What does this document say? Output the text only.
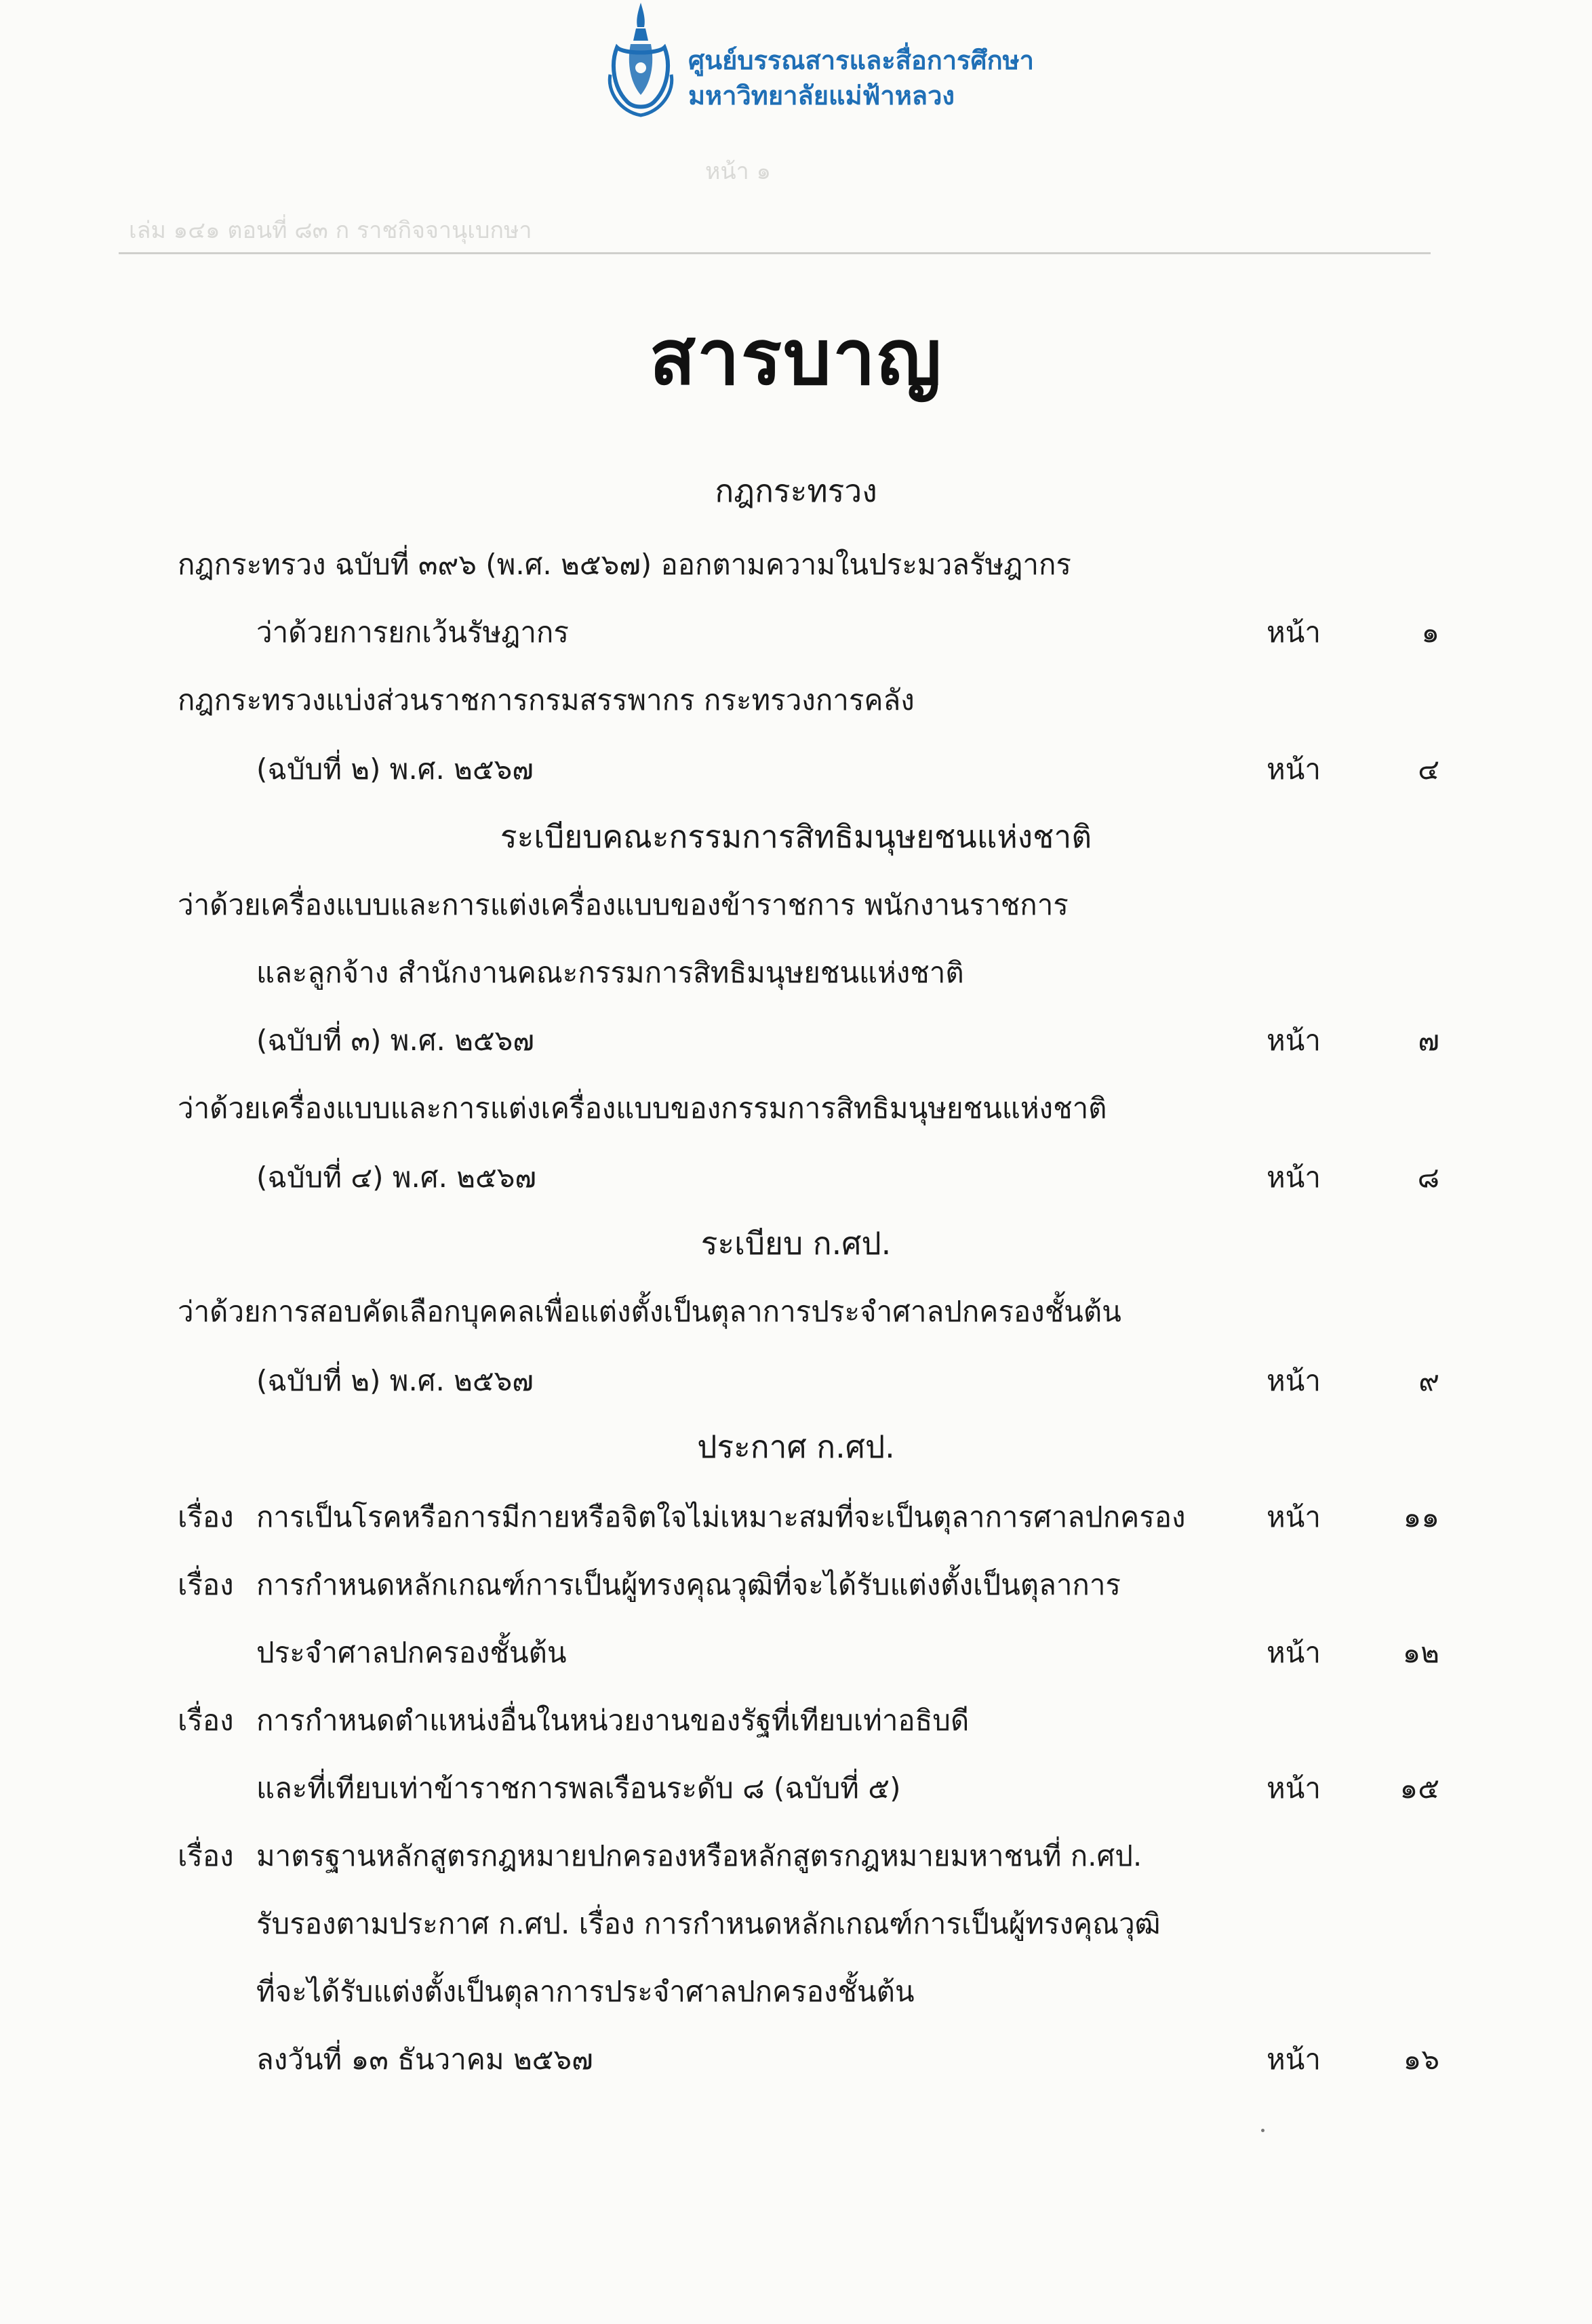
หน้า ๑
เล่ม ๑๔๑ ตอนที่ ๘๓ ก ราชกิจจานุเบกษา
ศูนย์บรรณสารและสื่อการศึกษา
มหาวิทยาลัยแม่ฟ้าหลวง
สารบาญ
กฎกระทรวง
กฎกระทรวง ฉบับที่ ๓๙๖ (พ.ศ. ๒๕๖๗) ออกตามความในประมวลรัษฎากร
ว่าด้วยการยกเว้นรัษฎากร	หน้า	๑
กฎกระทรวงแบ่งส่วนราชการกรมสรรพากร กระทรวงการคลัง
(ฉบับที่ ๒) พ.ศ. ๒๕๖๗	หน้า	๔
ระเบียบคณะกรรมการสิทธิมนุษยชนแห่งชาติ
ว่าด้วยเครื่องแบบและการแต่งเครื่องแบบของข้าราชการ พนักงานราชการ
และลูกจ้าง สำนักงานคณะกรรมการสิทธิมนุษยชนแห่งชาติ
(ฉบับที่ ๓) พ.ศ. ๒๕๖๗	หน้า	๗
ว่าด้วยเครื่องแบบและการแต่งเครื่องแบบของกรรมการสิทธิมนุษยชนแห่งชาติ
(ฉบับที่ ๔) พ.ศ. ๒๕๖๗	หน้า	๘
ระเบียบ ก.ศป.
ว่าด้วยการสอบคัดเลือกบุคคลเพื่อแต่งตั้งเป็นตุลาการประจำศาลปกครองชั้นต้น
(ฉบับที่ ๒) พ.ศ. ๒๕๖๗	หน้า	๙
ประกาศ ก.ศป.
เรื่อง การเป็นโรคหรือการมีกายหรือจิตใจไม่เหมาะสมที่จะเป็นตุลาการศาลปกครอง	หน้า	๑๑
เรื่อง การกำหนดหลักเกณฑ์การเป็นผู้ทรงคุณวุฒิที่จะได้รับแต่งตั้งเป็นตุลาการ
ประจำศาลปกครองชั้นต้น	หน้า	๑๒
เรื่อง การกำหนดตำแหน่งอื่นในหน่วยงานของรัฐที่เทียบเท่าอธิบดี
และที่เทียบเท่าข้าราชการพลเรือนระดับ ๘ (ฉบับที่ ๕)	หน้า	๑๕
เรื่อง มาตรฐานหลักสูตรกฎหมายปกครองหรือหลักสูตรกฎหมายมหาชนที่ ก.ศป.
รับรองตามประกาศ ก.ศป. เรื่อง การกำหนดหลักเกณฑ์การเป็นผู้ทรงคุณวุฒิ
ที่จะได้รับแต่งตั้งเป็นตุลาการประจำศาลปกครองชั้นต้น
ลงวันที่ ๑๓ ธันวาคม ๒๕๖๗	หน้า	๑๖
